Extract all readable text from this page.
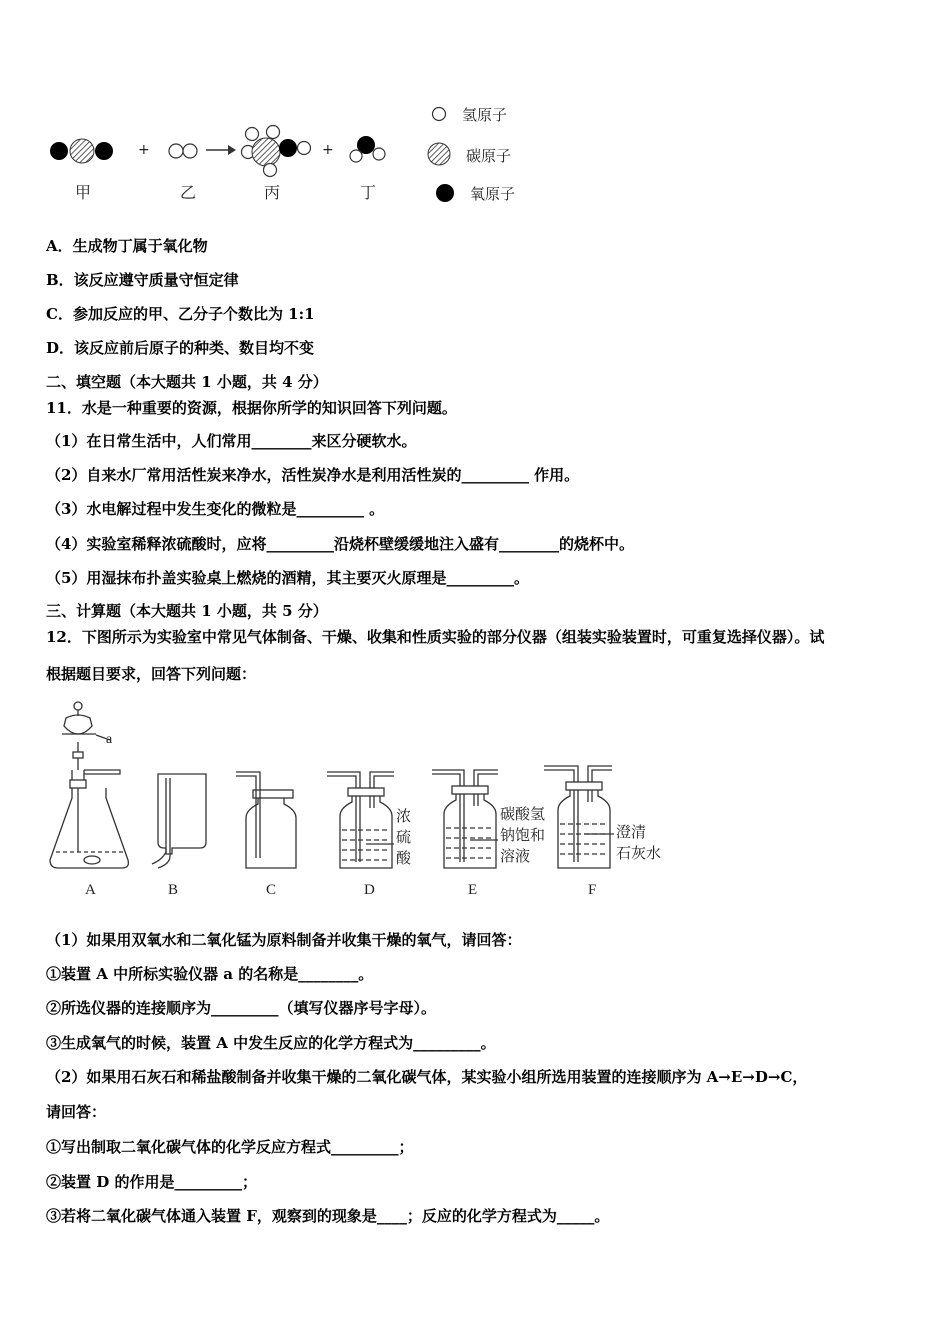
+	+
甲	乙	丙	丁
氢原子
碳原子
氧原子
A．生成物丁属于氧化物
B．该反应遵守质量守恒定律
C．参加反应的甲、乙分子个数比为 1:1
D．该反应前后原子的种类、数目均不变
二、填空题（本大题共 1 小题，共 4 分）
11．水是一种重要的资源，根据你所学的知识回答下列问题。
（1）在日常生活中，人们常用________来区分硬软水。
（2）自来水厂常用活性炭来净水，活性炭净水是利用活性炭的_________ 作用。
（3）水电解过程中发生变化的微粒是_________ 。
（4）实验室稀释浓硫酸时，应将_________沿烧杯壁缓缓地注入盛有________的烧杯中。
（5）用湿抹布扑盖实验桌上燃烧的酒精，其主要灭火原理是_________。
三、计算题（本大题共 1 小题，共 5 分）
12．下图所示为实验室中常见气体制备、干燥、收集和性质实验的部分仪器（组装实验装置时，可重复选择仪器）。试
根据题目要求，回答下列问题：
a
A	B	C	D	E	F
浓
硫
酸
碳酸氢
钠饱和
溶液
澄清
石灰水
（1）如果用双氧水和二氧化锰为原料制备并收集干燥的氧气，请回答：
①装置 A 中所标实验仪器 a 的名称是________。
②所选仪器的连接顺序为_________（填写仪器序号字母）。
③生成氧气的时候，装置 A 中发生反应的化学方程式为_________。
（2）如果用石灰石和稀盐酸制备并收集干燥的二氧化碳气体，某实验小组所选用装置的连接顺序为 A→E→D→C，
请回答：
①写出制取二氧化碳气体的化学反应方程式_________；
②装置 D 的作用是_________；
③若将二氧化碳气体通入装置 F，观察到的现象是____；反应的化学方程式为_____。
